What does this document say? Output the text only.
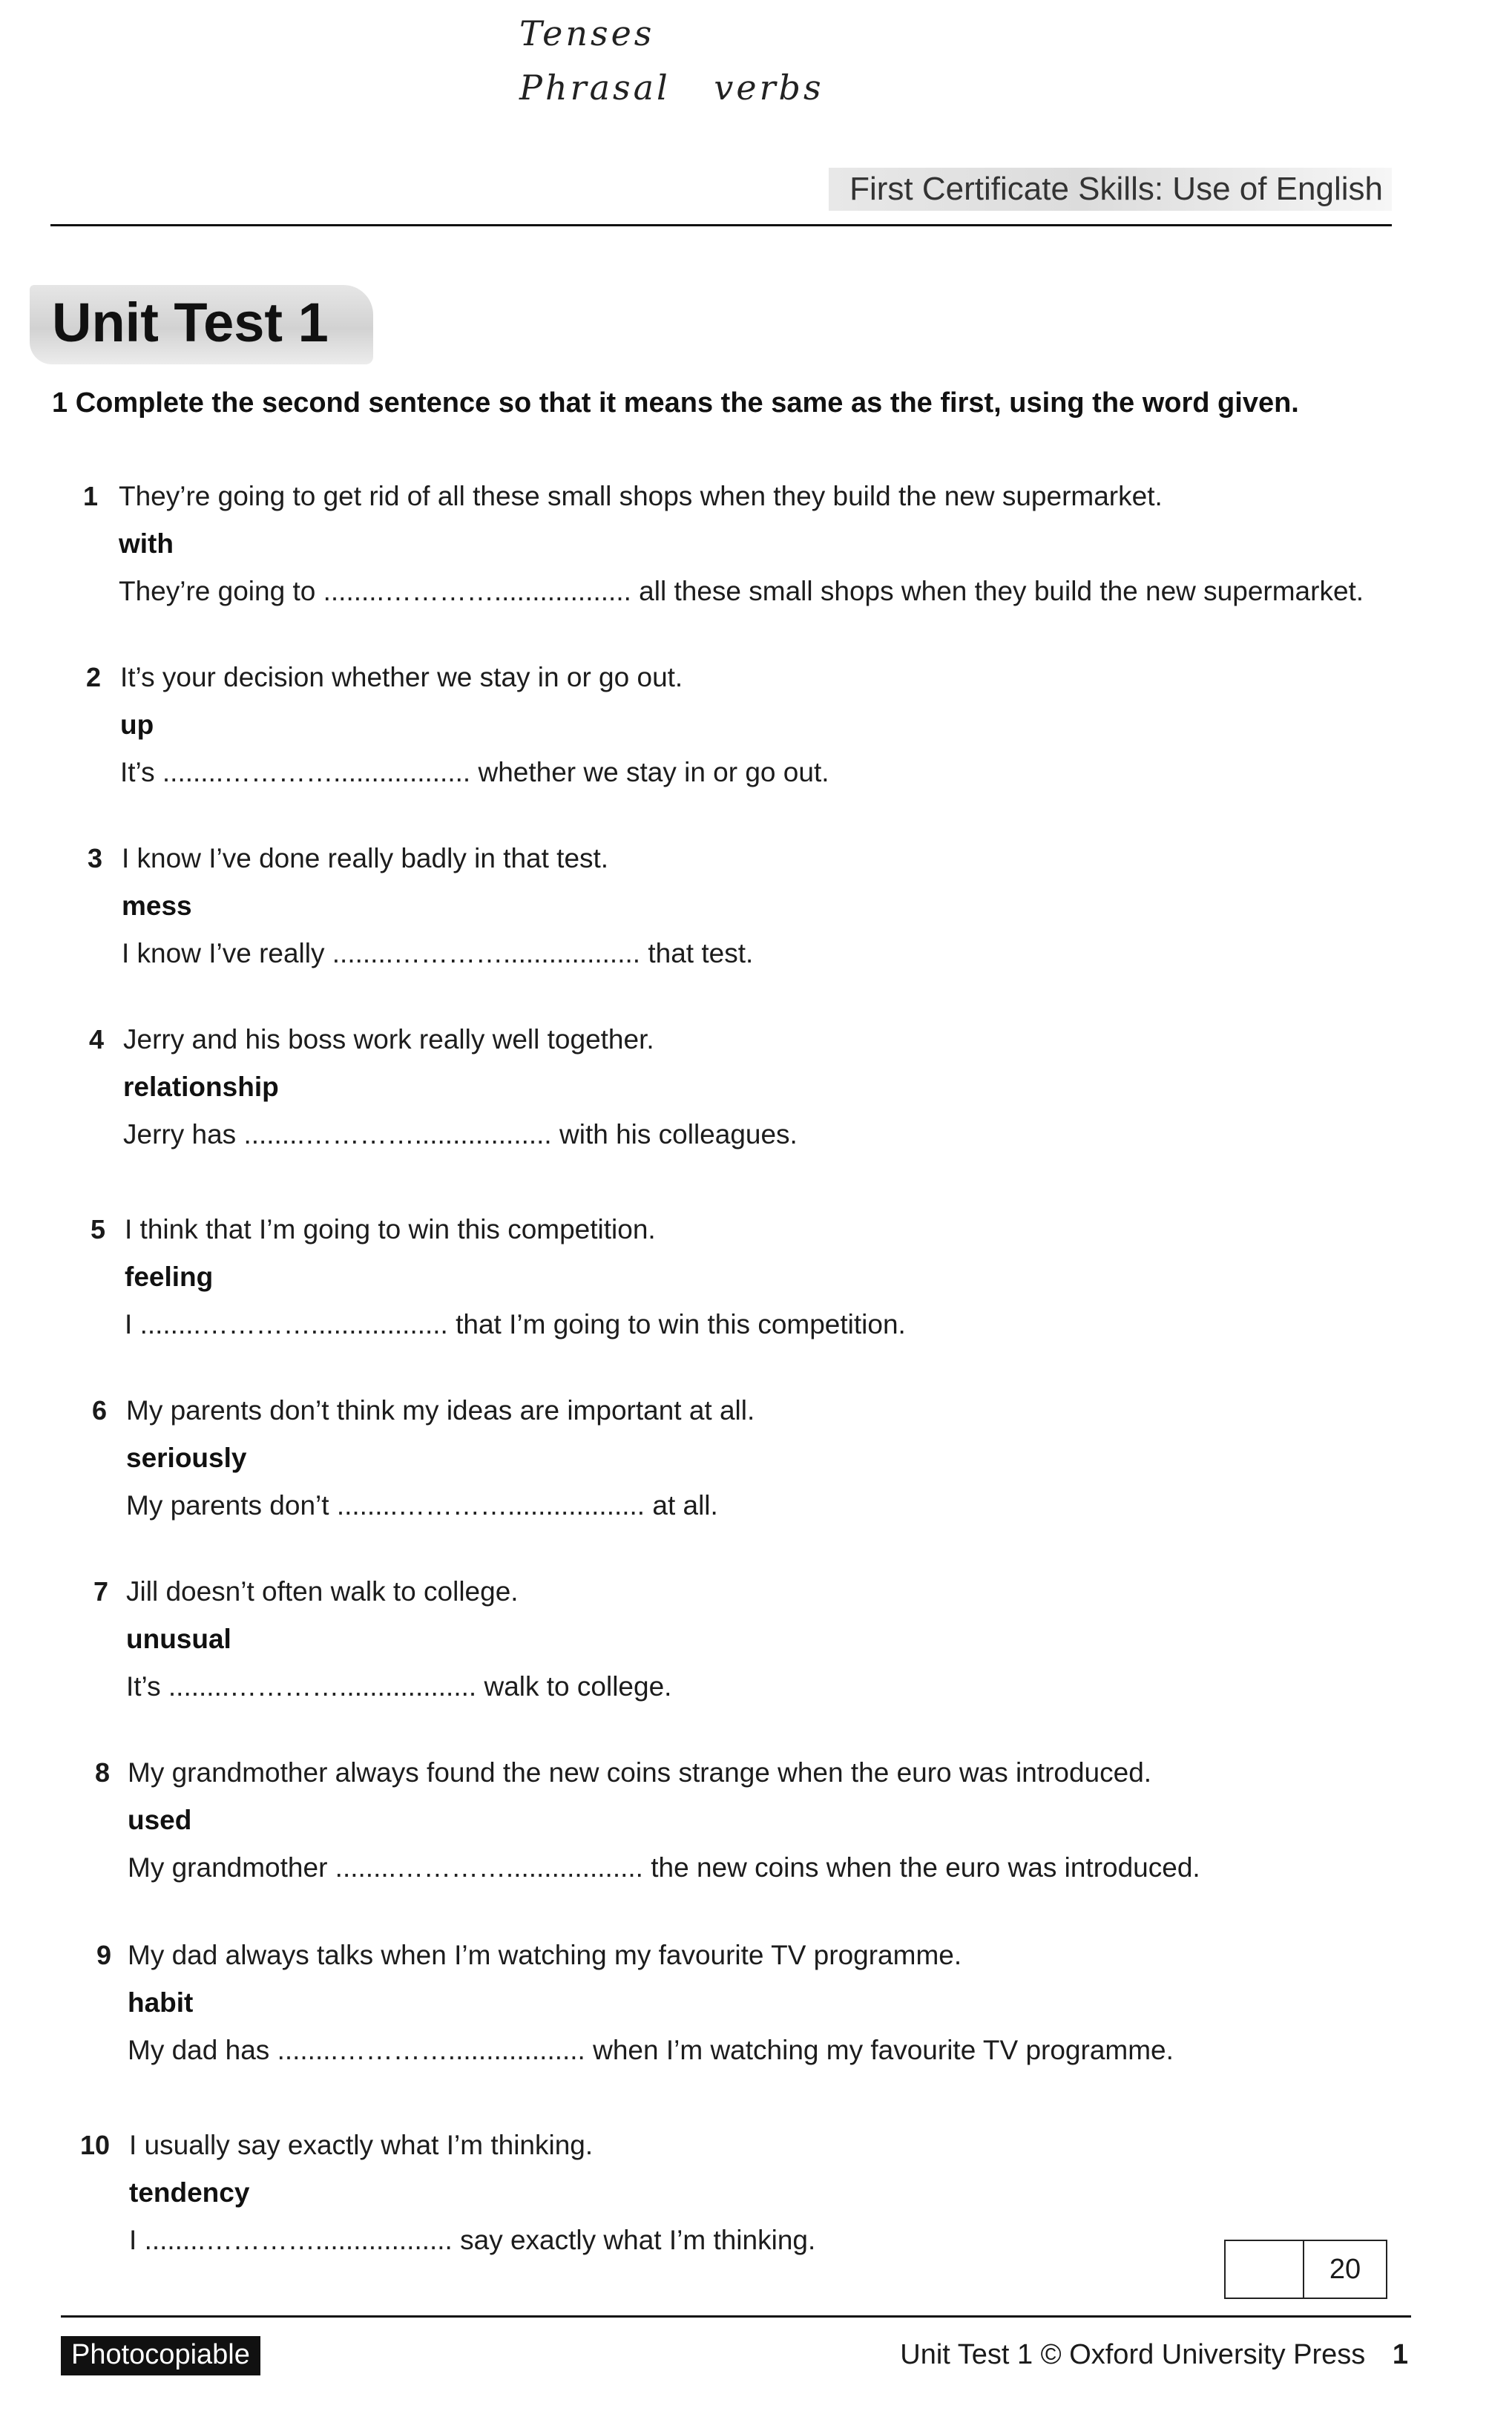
Tenses
Phrasal verbs
First Certificate Skills: Use of English
Unit Test 1
1 Complete the second sentence so that it means the same as the first, using the word given.
1 They’re going to get rid of all these small shops when they build the new supermarket.
with
They’re going to ........………….................. all these small shops when they build the new supermarket.
2 It’s your decision whether we stay in or go out.
up
It’s ........………….................. whether we stay in or go out.
3 I know I’ve done really badly in that test.
mess
I know I’ve really ........………….................. that test.
4 Jerry and his boss work really well together.
relationship
Jerry has ........………….................. with his colleagues.
5 I think that I’m going to win this competition.
feeling
I ........………….................. that I’m going to win this competition.
6 My parents don’t think my ideas are important at all.
seriously
My parents don’t ........………….................. at all.
7 Jill doesn’t often walk to college.
unusual
It’s ........………….................. walk to college.
8 My grandmother always found the new coins strange when the euro was introduced.
used
My grandmother ........………….................. the new coins when the euro was introduced.
9 My dad always talks when I’m watching my favourite TV programme.
habit
My dad has ........………….................. when I’m watching my favourite TV programme.
10 I usually say exactly what I’m thinking.
tendency
I ........………….................. say exactly what I’m thinking.
20
Photocopiable	Unit Test 1 © Oxford University Press 1
